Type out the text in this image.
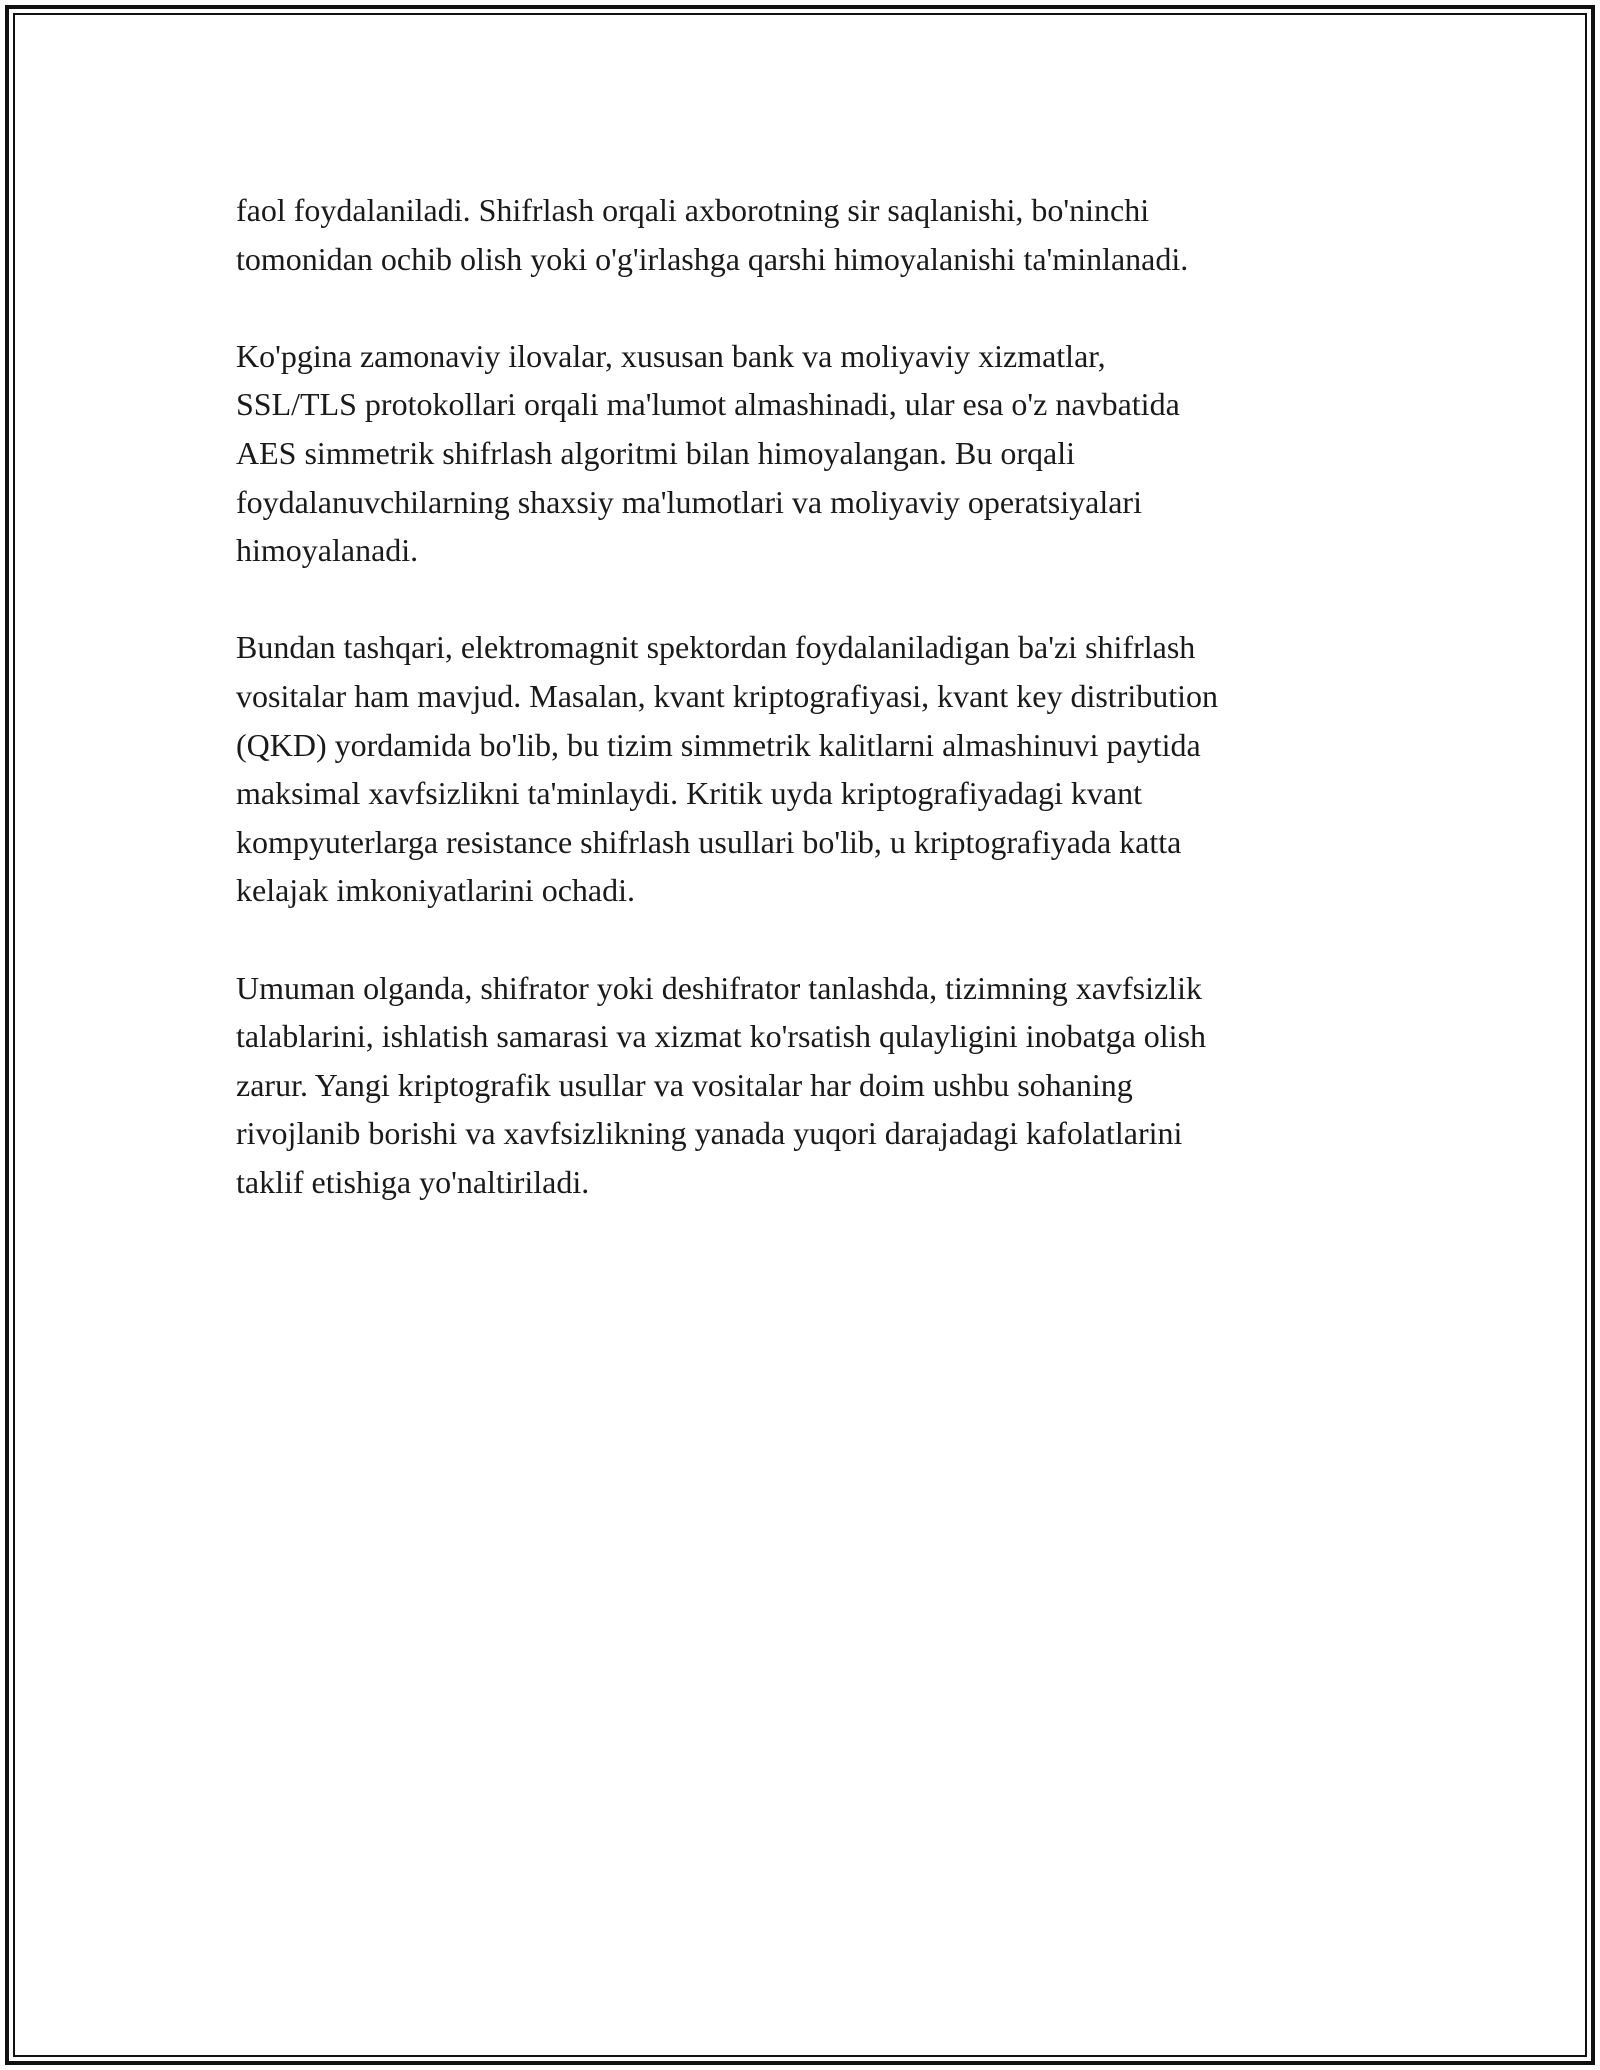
faol foydalaniladi. Shifrlash orqali axborotning sir saqlanishi, bo'ninchi
tomonidan ochib olish yoki o'g'irlashga qarshi himoyalanishi ta'minlanadi.

Ko'pgina zamonaviy ilovalar, xususan bank va moliyaviy xizmatlar,
SSL/TLS protokollari orqali ma'lumot almashinadi, ular esa o'z navbatida
AES simmetrik shifrlash algoritmi bilan himoyalangan. Bu orqali
foydalanuvchilarning shaxsiy ma'lumotlari va moliyaviy operatsiyalari
himoyalanadi.

Bundan tashqari, elektromagnit spektordan foydalaniladigan ba'zi shifrlash
vositalar ham mavjud. Masalan, kvant kriptografiyasi, kvant key distribution
(QKD) yordamida bo'lib, bu tizim simmetrik kalitlarni almashinuvi paytida
maksimal xavfsizlikni ta'minlaydi. Kritik uyda kriptografiyadagi kvant
kompyuterlarga resistance shifrlash usullari bo'lib, u kriptografiyada katta
kelajak imkoniyatlarini ochadi.

Umuman olganda, shifrator yoki deshifrator tanlashda, tizimning xavfsizlik
talablarini, ishlatish samarasi va xizmat ko'rsatish qulayligini inobatga olish
zarur. Yangi kriptografik usullar va vositalar har doim ushbu sohaning
rivojlanib borishi va xavfsizlikning yanada yuqori darajadagi kafolatlarini
taklif etishiga yo'naltiriladi.
